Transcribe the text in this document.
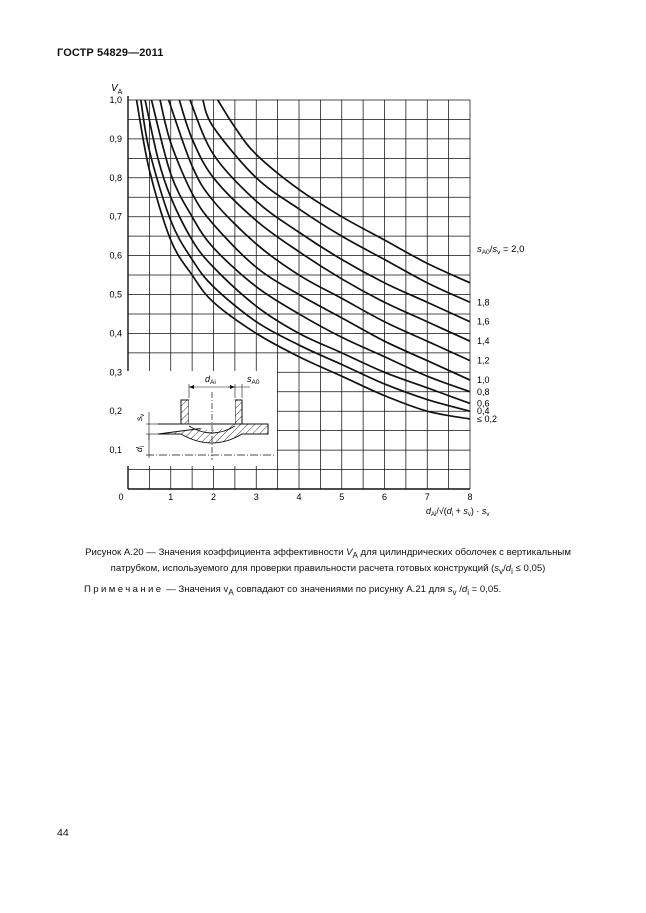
ГОСТР 54829—2011
0,1
0,2
0,3
0,4
0,5
0,6
0,7
0,8
0,9
1,0
0	1	2	3	4	5	6	7	8
$V_A$
≤ 0,2
0,4
0,6
0,8
1,0
1,2
1,4
1,6
1,8
$s_{A0}/s_v = 2,0$
$d_{Ai}/√(d_i + s_v) \cdot s_v$
$d_{Ai}$	$s_{A0}$
$s_v$
$d_i$
Рисунок А.20 — Значения коэффициента эффективности $V_A$ для цилиндрических оболочек с вертикальным
патрубком, используемого для проверки правильности расчета готовых конструкций $(s_v/d_i \le 0,05)$
Примечание — Значения $v_A$ совпадают со значениями по рисунку А.21 для $s_v$ $/d_i = 0,05$.
44
